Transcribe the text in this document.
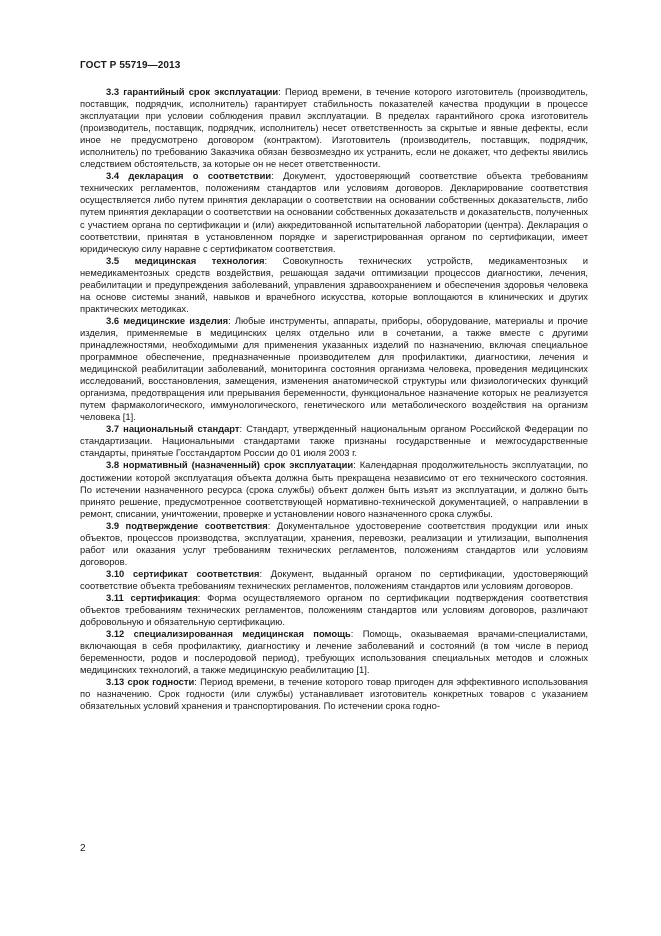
ГОСТ Р 55719—2013

3.3 гарантийный срок эксплуатации: Период времени, в течение которого изготовитель (производитель, поставщик, подрядчик, исполнитель) гарантирует стабильность показателей качества продукции в процессе эксплуатации при условии соблюдения правил эксплуатации. В пределах гарантийного срока изготовитель (производитель, поставщик, подрядчик, исполнитель) несет ответственность за скрытые и явные дефекты, если иное не предусмотрено договором (контрактом). Изготовитель (производитель, поставщик, подрядчик, исполнитель) по требованию Заказчика обязан безвозмездно их устранить, если не докажет, что дефекты явились следствием обстоятельств, за которые он не несет ответственности.

3.4 декларация о соответствии: Документ, удостоверяющий соответствие объекта требованиям технических регламентов, положениям стандартов или условиям договоров. Декларирование соответствия осуществляется либо путем принятия декларации о соответствии на основании собственных доказательств, либо путем принятия декларации о соответствии на основании собственных доказательств и доказательств, полученных с участием органа по сертификации и (или) аккредитованной испытательной лаборатории (центра). Декларация о соответствии, принятая в установленном порядке и зарегистрированная органом по сертификации, имеет юридическую силу наравне с сертификатом соответствия.

3.5 медицинская технология: Совокупность технических устройств, медикаментозных и немедикаментозных средств воздействия, решающая задачи оптимизации процессов диагностики, лечения, реабилитации и предупреждения заболеваний, управления здравоохранением и обеспечения здоровья человека на основе системы знаний, навыков и врачебного искусства, которые воплощаются в клинических и других практических методиках.

3.6 медицинские изделия: Любые инструменты, аппараты, приборы, оборудование, материалы и прочие изделия, применяемые в медицинских целях отдельно или в сочетании, а также вместе с другими принадлежностями, необходимыми для применения указанных изделий по назначению, включая специальное программное обеспечение, предназначенные производителем для профилактики, диагностики, лечения и медицинской реабилитации заболеваний, мониторинга состояния организма человека, проведения медицинских исследований, восстановления, замещения, изменения анатомической структуры или физиологических функций организма, предотвращения или прерывания беременности, функциональное назначение которых не реализуется путем фармакологического, иммунологического, генетического или метаболического воздействия на организм человека [1].

3.7 национальный стандарт: Стандарт, утвержденный национальным органом Российской Федерации по стандартизации. Национальными стандартами также признаны государственные и межгосударственные стандарты, принятые Госстандартом России до 01 июля 2003 г.

3.8 нормативный (назначенный) срок эксплуатации: Календарная продолжительность эксплуатации, по достижении которой эксплуатация объекта должна быть прекращена независимо от его технического состояния. По истечении назначенного ресурса (срока службы) объект должен быть изъят из эксплуатации, и должно быть принято решение, предусмотренное соответствующей нормативно-технической документацией, о направлении в ремонт, списании, уничтожении, проверке и установлении нового назначенного срока службы.

3.9 подтверждение соответствия: Документальное удостоверение соответствия продукции или иных объектов, процессов производства, эксплуатации, хранения, перевозки, реализации и утилизации, выполнения работ или оказания услуг требованиям технических регламентов, положениям стандартов или условиям договоров.

3.10 сертификат соответствия: Документ, выданный органом по сертификации, удостоверяющий соответствие объекта требованиям технических регламентов, положениям стандартов или условиям договоров.

3.11 сертификация: Форма осуществляемого органом по сертификации подтверждения соответствия объектов требованиям технических регламентов, положениям стандартов или условиям договоров, различают добровольную и обязательную сертификацию.

3.12 специализированная медицинская помощь: Помощь, оказываемая врачами-специалистами, включающая в себя профилактику, диагностику и лечение заболеваний и состояний (в том числе в период беременности, родов и послеродовой период), требующих использования специальных методов и сложных медицинских технологий, а также медицинскую реабилитацию [1].

3.13 срок годности: Период времени, в течение которого товар пригоден для эффективного использования по назначению. Срок годности (или службы) устанавливает изготовитель конкретных товаров с указанием обязательных условий хранения и транспортирования. По истечении срока годно-

2
